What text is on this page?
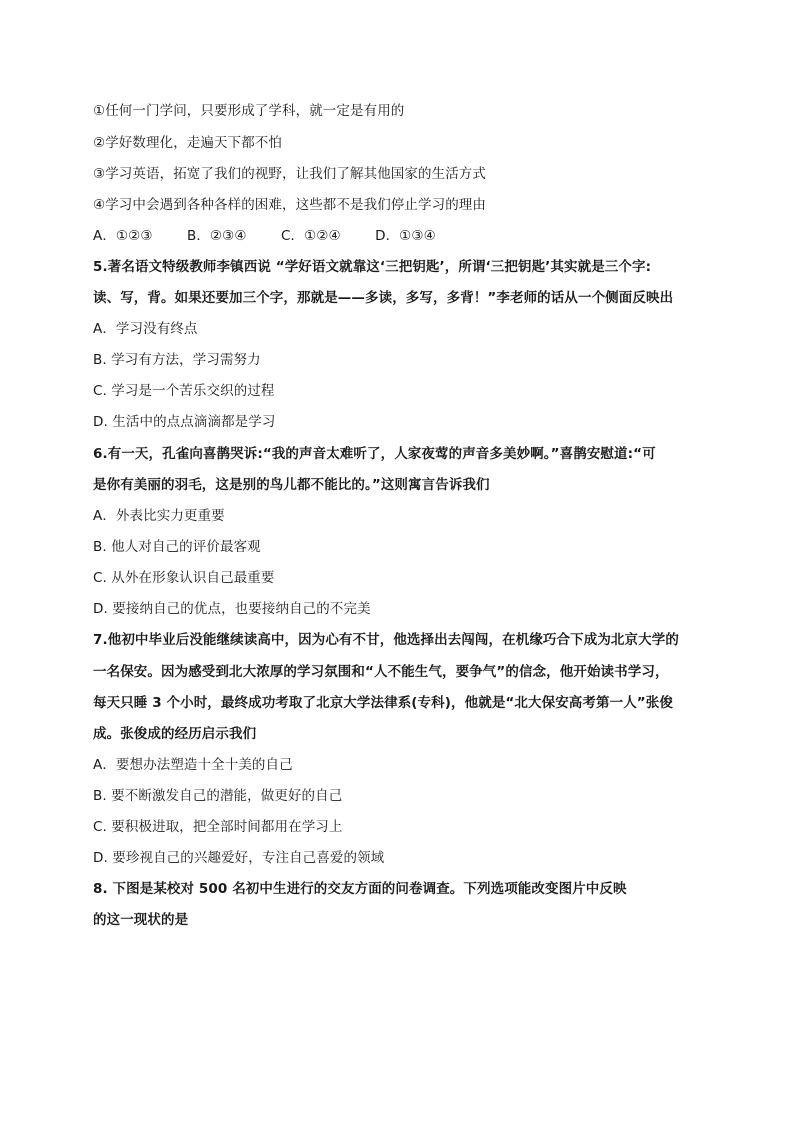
①任何一门学问，只要形成了学科，就一定是有用的
②学好数理化，走遍天下都不怕
③学习英语，拓宽了我们的视野，让我们了解其他国家的生活方式
④学习中会遇到各种各样的困难，这些都不是我们停止学习的理由
A．①②③	B．②③④	C．①②④	D．①③④
5.著名语文特级教师李镇西说 “学好语文就靠这‘三把钥匙’，所谓‘三把钥匙’其实就是三个字:
读、写，背。如果还要加三个字，那就是——多读，多写，多背！”李老师的话从一个侧面反映出
A．学习没有终点
B. 学习有方法，学习需努力
C. 学习是一个苦乐交织的过程
D. 生活中的点点滴滴都是学习
6.有一天，孔雀向喜鹊哭诉:“我的声音太难听了，人家夜莺的声音多美妙啊。”喜鹊安慰道:“可
是你有美丽的羽毛，这是别的鸟儿都不能比的。”这则寓言告诉我们
A．外表比实力更重要
B. 他人对自己的评价最客观
C. 从外在形象认识自己最重要
D. 要接纳自己的优点，也要接纳自己的不完美
7.他初中毕业后没能继续读高中，因为心有不甘，他选择出去闯闯，在机缘巧合下成为北京大学的
一名保安。因为感受到北大浓厚的学习氛围和“人不能生气，要争气”的信念，他开始读书学习，
每天只睡 3 个小时，最终成功考取了北京大学法律系(专科)，他就是“北大保安高考第一人”张俊
成。张俊成的经历启示我们
A．要想办法塑造十全十美的自己
B. 要不断激发自己的潜能，做更好的自己
C. 要积极进取，把全部时间都用在学习上
D. 要珍视自己的兴趣爱好，专注自己喜爱的领域
8. 下图是某校对 500 名初中生进行的交友方面的问卷调查。下列选项能改变图片中反映
的这一现状的是
